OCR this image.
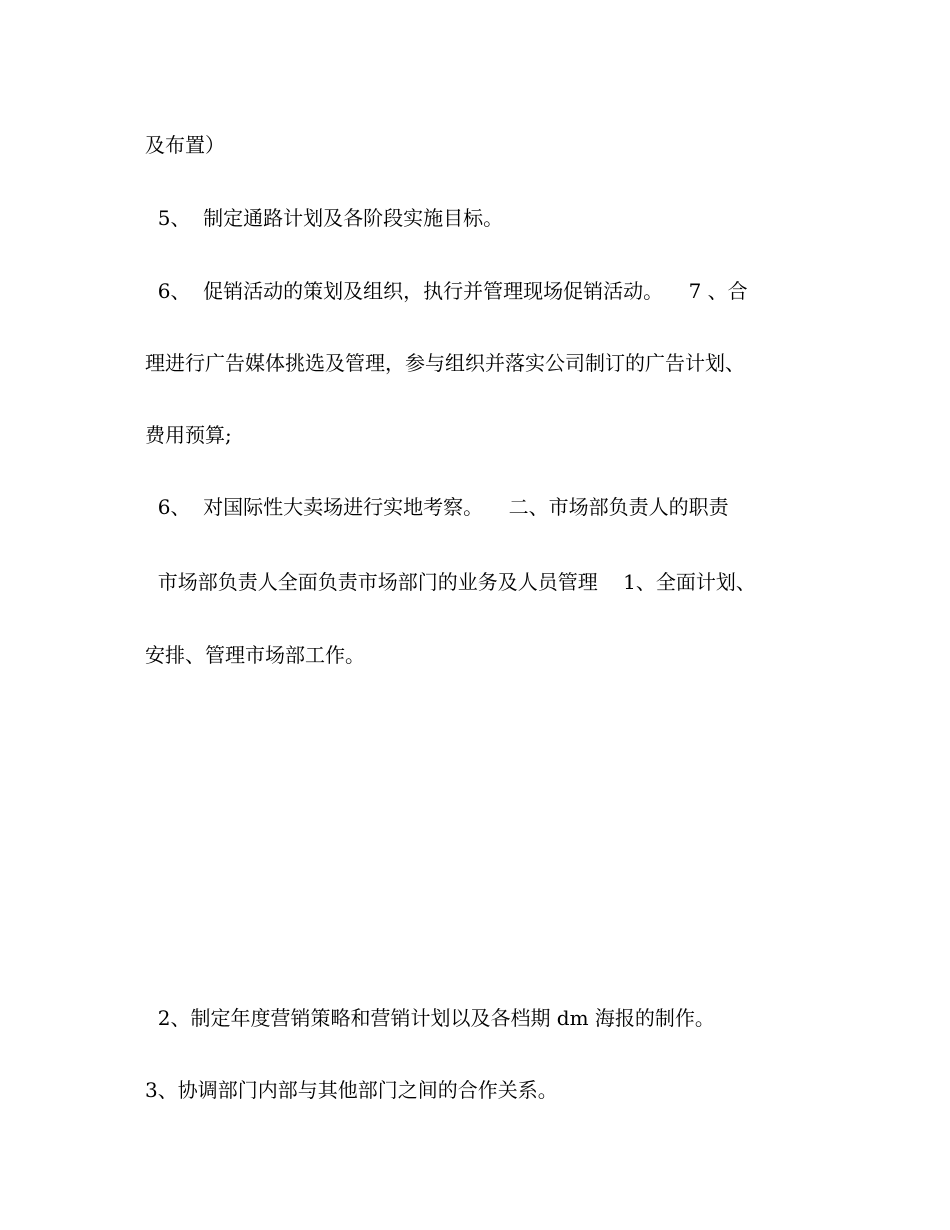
及布置）

5、  制定通路计划及各阶段实施目标。

6、  促销活动的策划及组织，执行并管理现场促销活动。    7 、合

理进行广告媒体挑选及管理，参与组织并落实公司制订的广告计划、

费用预算;

6、  对国际性大卖场进行实地考察。    二、市场部负责人的职责

市场部负责人全面负责市场部门的业务及人员管理    1、全面计划、

安排、管理市场部工作。

2、制定年度营销策略和营销计划以及各档期 dm 海报的制作。

3、协调部门内部与其他部门之间的合作关系。
